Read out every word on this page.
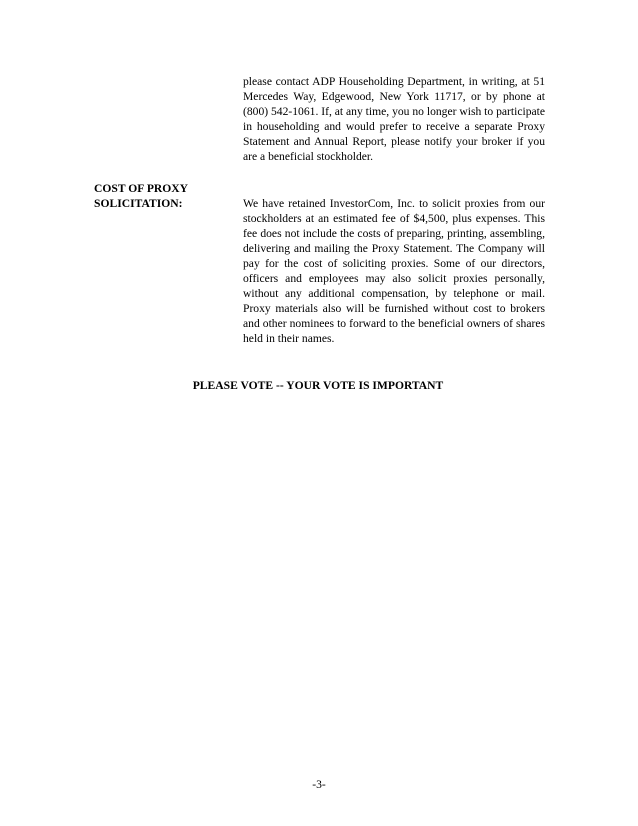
please contact ADP Householding Department, in writing, at 51
Mercedes Way, Edgewood, New York 11717, or by phone at
(800) 542-1061. If, at any time, you no longer wish to participate
in householding and would prefer to receive a separate Proxy
Statement and Annual Report, please notify your broker if you
are a beneficial stockholder.
COST OF PROXY
SOLICITATION:	We have retained InvestorCom, Inc. to solicit proxies from our
stockholders at an estimated fee of $4,500, plus expenses. This
fee does not include the costs of preparing, printing, assembling,
delivering and mailing the Proxy Statement. The Company will
pay for the cost of soliciting proxies. Some of our directors,
officers and employees may also solicit proxies personally,
without any additional compensation, by telephone or mail.
Proxy materials also will be furnished without cost to brokers
and other nominees to forward to the beneficial owners of shares
held in their names.
PLEASE VOTE -- YOUR VOTE IS IMPORTANT
-3-
